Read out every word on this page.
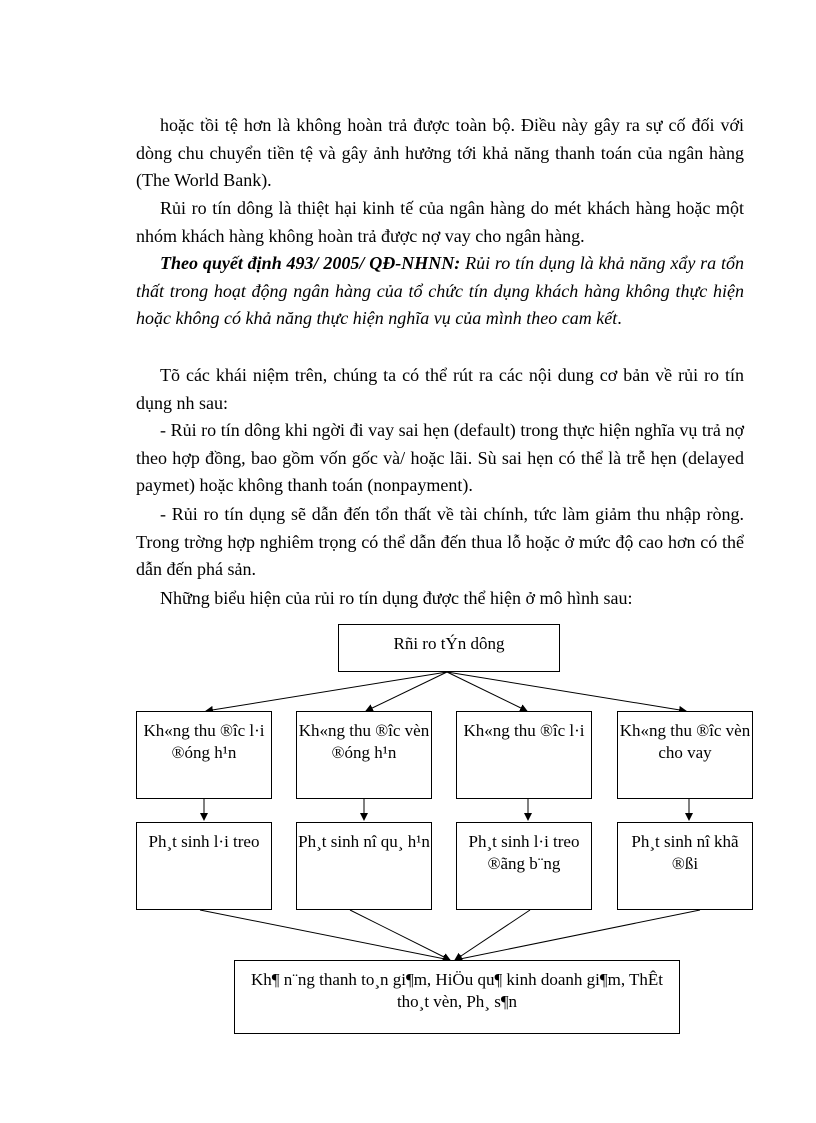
hoặc tồi tệ hơn là không hoàn trả được toàn bộ. Điều này gây ra sự cố đối với dòng chu chuyển tiền tệ và gây ảnh hưởng tới khả năng thanh toán của ngân hàng (The World Bank).

Rủi ro tín dông là thiệt hại kinh tế của ngân hàng do mét khách hàng hoặc một nhóm khách hàng không hoàn trả được nợ vay cho ngân hàng.

Theo quyết định 493/ 2005/ QĐ-NHNN: Rủi ro tín dụng là khả năng xẩy ra tổn thất trong hoạt động ngân hàng của tổ chức tín dụng khách hàng không thực hiện hoặc không có khả năng thực hiện nghĩa vụ của mình theo cam kết.

Tõ các khái niệm trên, chúng ta có thể rút ra các nội dung cơ bản về rủi ro tín dụng nh sau:

- Rủi ro tín dông khi ngời đi vay sai hẹn (default) trong thực hiện nghĩa vụ trả nợ theo hợp đồng, bao gồm vốn gốc và/ hoặc lãi. Sù sai hẹn có thể là trễ hẹn (delayed paymet) hoặc không thanh toán (nonpayment).

- Rủi ro tín dụng sẽ dẫn đến tổn thất về tài chính, tức làm giảm thu nhập ròng. Trong trờng hợp nghiêm trọng có thể dẫn đến thua lỗ hoặc ở mức độ cao hơn có thể dẫn đến phá sản.

Những biểu hiện của rủi ro tín dụng được thể hiện ở mô hình sau:

Rñi ro tÝn dông
Kh«ng thu ®îc l·i ®óng h¹n
Kh«ng thu ®îc vèn ®óng h¹n
Kh«ng thu ®îc l·i	Kh«ng thu ®îc vèn cho vay
Ph¸t sinh l·i treo	Ph¸t sinh nî qu¸ h¹n	Ph¸t sinh l·i treo ®ãng b¨ng
Ph¸t sinh nî khã ®ßi
Kh¶ n¨ng thanh to¸n gi¶m, HiÖu qu¶ kinh doanh gi¶m, ThÊt tho¸t vèn, Ph¸ s¶n
